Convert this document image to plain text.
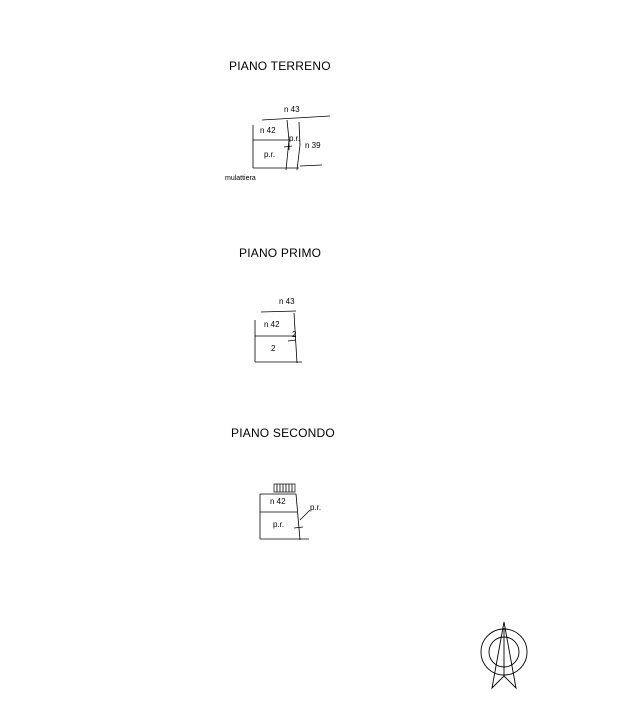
PIANO TERRENO
n 43
n 42
p.r.
n 39
p.r.
mulattiera
PIANO PRIMO
n 43
n 42
2
2
PIANO SECONDO
n 42
p.r.
p.r.
